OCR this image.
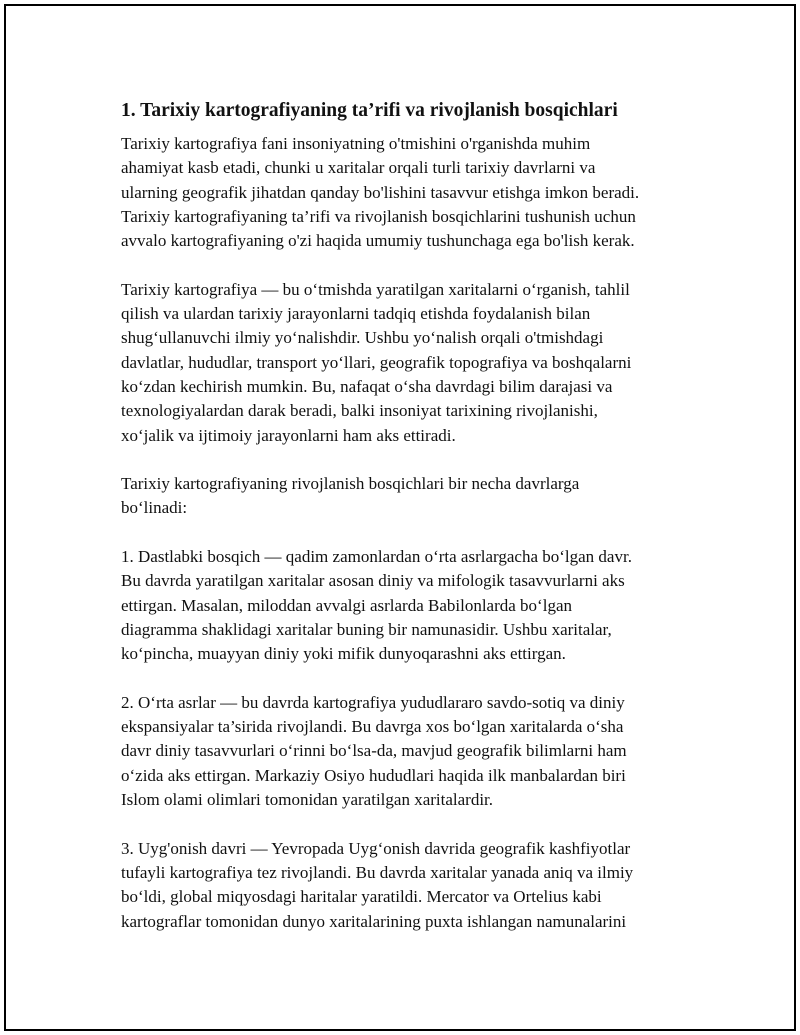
1. Tarixiy kartografiyaning ta’rifi va rivojlanish bosqichlari

Tarixiy kartografiya fani insoniyatning o'tmishini o'rganishda muhim
ahamiyat kasb etadi, chunki u xaritalar orqali turli tarixiy davrlarni va
ularning geografik jihatdan qanday bo'lishini tasavvur etishga imkon beradi.
Tarixiy kartografiyaning ta’rifi va rivojlanish bosqichlarini tushunish uchun
avvalo kartografiyaning o'zi haqida umumiy tushunchaga ega bo'lish kerak.

Tarixiy kartografiya — bu o‘tmishda yaratilgan xaritalarni o‘rganish, tahlil
qilish va ulardan tarixiy jarayonlarni tadqiq etishda foydalanish bilan
shug‘ullanuvchi ilmiy yo‘nalishdir. Ushbu yo‘nalish orqali o'tmishdagi
davlatlar, hududlar, transport yo‘llari, geografik topografiya va boshqalarni
ko‘zdan kechirish mumkin. Bu, nafaqat o‘sha davrdagi bilim darajasi va
texnologiyalardan darak beradi, balki insoniyat tarixining rivojlanishi,
xo‘jalik va ijtimoiy jarayonlarni ham aks ettiradi.

Tarixiy kartografiyaning rivojlanish bosqichlari bir necha davrlarga
bo‘linadi:

1. Dastlabki bosqich — qadim zamonlardan o‘rta asrlargacha bo‘lgan davr.
Bu davrda yaratilgan xaritalar asosan diniy va mifologik tasavvurlarni aks
ettirgan. Masalan, miloddan avvalgi asrlarda Babilonlarda bo‘lgan
diagramma shaklidagi xaritalar buning bir namunasidir. Ushbu xaritalar,
ko‘pincha, muayyan diniy yoki mifik dunyoqarashni aks ettirgan.

2. O‘rta asrlar — bu davrda kartografiya yududlararo savdo-sotiq va diniy
ekspansiyalar ta’sirida rivojlandi. Bu davrga xos bo‘lgan xaritalarda o‘sha
davr diniy tasavvurlari o‘rinni bo‘lsa-da, mavjud geografik bilimlarni ham
o‘zida aks ettirgan. Markaziy Osiyo hududlari haqida ilk manbalardan biri
Islom olami olimlari tomonidan yaratilgan xaritalardir.

3. Uyg'onish davri — Yevropada Uyg‘onish davrida geografik kashfiyotlar
tufayli kartografiya tez rivojlandi. Bu davrda xaritalar yanada aniq va ilmiy
bo‘ldi, global miqyosdagi haritalar yaratildi. Mercator va Ortelius kabi
kartograflar tomonidan dunyo xaritalarining puxta ishlangan namunalarini
